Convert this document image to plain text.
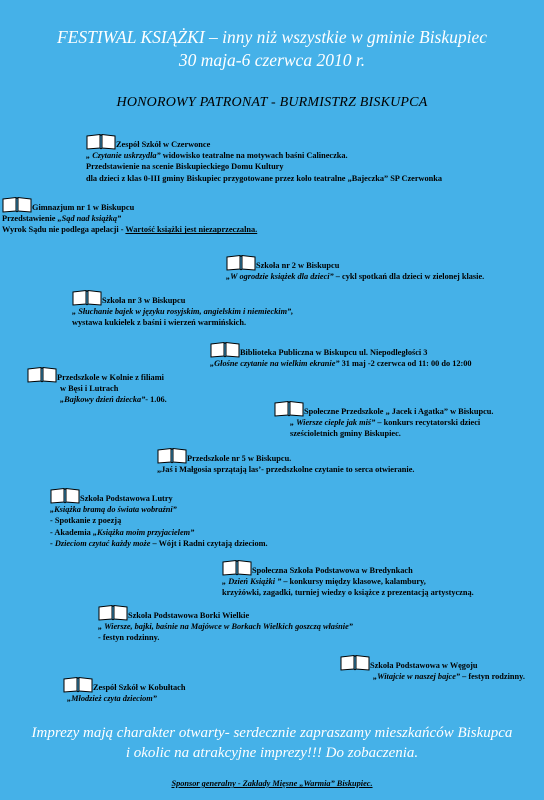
FESTIWAL KSIĄŻKI – inny niż wszystkie w gminie Biskupiec
30 maja-6 czerwca 2010 r.
HONOROWY PATRONAT - BURMISTRZ BISKUPCA
Zespół Szkół w Czerwonce
„ Czytanie uskrzydla” widowisko teatralne na motywach baśni Calineczka.
Przedstawienie na scenie Biskupieckiego Domu Kultury
dla dzieci z klas 0-III gminy Biskupiec przygotowane przez koło teatralne „Bajeczka” SP Czerwonka
Gimnazjum nr 1 w Biskupcu
Przedstawienie „Sąd nad książką”
Wyrok Sądu nie podlega apelacji - Wartość książki jest niezaprzeczalna.
Szkoła nr 2 w Biskupcu
„W ogrodzie książek dla dzieci” – cykl spotkań dla dzieci w zielonej klasie.
Szkoła nr 3 w Biskupcu
„ Słuchanie bajek w języku rosyjskim, angielskim i niemieckim”,
wystawa kukiełek z baśni i wierzeń warmińskich.
Biblioteka Publiczna w Biskupcu ul. Niepodległości 3
„Głośne czytanie na wielkim ekranie” 31 maj -2 czerwca od 11: 00 do 12:00
Przedszkole w Kolnie z filiami
w Bęsi i Lutrach
„Bajkowy dzień dziecka”- 1.06.
Społeczne Przedszkole „ Jacek i Agatka” w Biskupcu.
„ Wiersze ciepłe jak miś” – konkurs recytatorski dzieci
sześcioletnich gminy Biskupiec.
Przedszkole nr 5 w Biskupcu.
„Jaś i Małgosia sprzątają las’- przedszkolne czytanie to serca otwieranie.
Szkoła Podstawowa Lutry
„Książka bramą do świata wobraźni”
- Spotkanie z poezją
- Akademia „Książka moim przyjacielem”
- Dzieciom czytać każdy może – Wójt i Radni czytają dzieciom.
Społeczna Szkoła Podstawowa w Bredynkach
„ Dzień Książki ” – konkursy między klasowe, kalambury,
krzyżówki, zagadki, turniej wiedzy o książce z prezentacją artystyczną.
Szkoła Podstawowa Borki Wielkie
„ Wiersze, bajki, baśnie na Majówce w Borkach Wielkich goszczą właśnie”
- festyn rodzinny.
Szkoła Podstawowa w Węgoju
„Witajcie w naszej bajce” – festyn rodzinny.
Zespół Szkół w Kobułtach
„Młodzież czyta dzieciom”
Imprezy mają charakter otwarty- serdecznie zapraszamy mieszkańców Biskupca
i okolic na atrakcyjne imprezy!!! Do zobaczenia.
Sponsor generalny - Zakłady Mięsne „Warmia” Biskupiec.
